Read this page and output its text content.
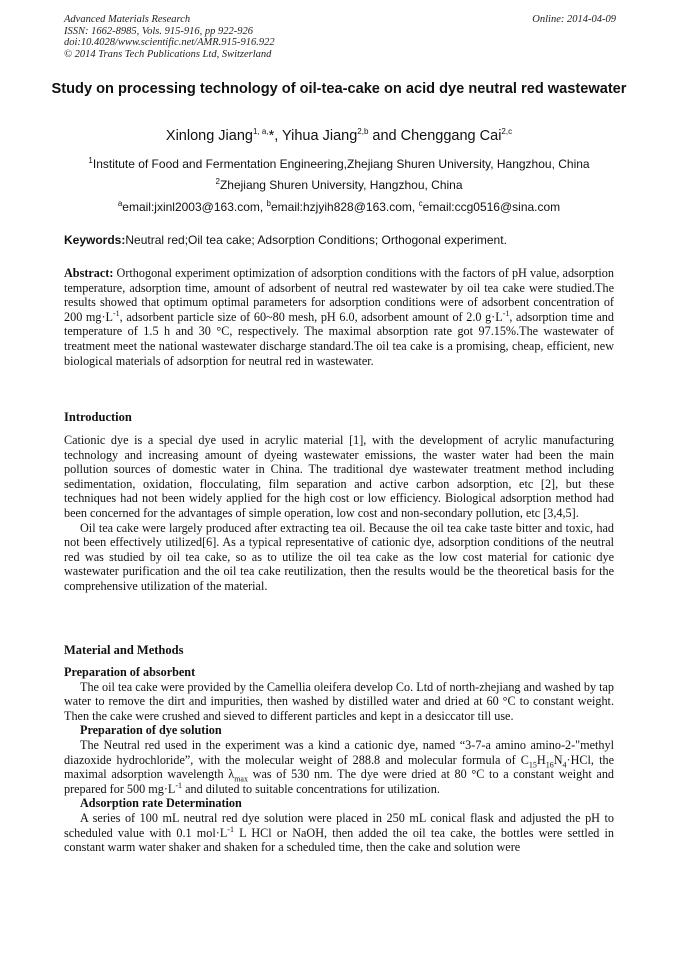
Advanced Materials Research
ISSN: 1662-8985, Vols. 915-916, pp 922-926
doi:10.4028/www.scientific.net/AMR.915-916.922
© 2014 Trans Tech Publications Ltd, Switzerland
Online: 2014-04-09
Study on processing technology of oil-tea-cake on acid dye neutral red wastewater
Xinlong Jiang$^{1, a,}$*, Yihua Jiang$^{2,b}$ and Chenggang Cai$^{2,c}$
$^1$Institute of Food and Fermentation Engineering,Zhejiang Shuren University, Hangzhou, China
$^2$Zhejiang Shuren University, Hangzhou, China
$^a$email:jxinl2003@163.com, $^b$email:hzjyih828@163.com, $^c$email:ccg0516@sina.com
Keywords:Neutral red;Oil tea cake; Adsorption Conditions; Orthogonal experiment.

Abstract: Orthogonal experiment optimization of adsorption conditions with the factors of pH value, adsorption temperature, adsorption time, amount of adsorbent of neutral red wastewater by oil tea cake were studied.The results showed that optimum optimal parameters for adsorption conditions were of adsorbent concentration of 200 $mg\cdot L^{-1}$, adsorbent particle size of 60~80 mesh, pH 6.0, adsorbent amount of 2.0 $g\cdot L^{-1}$, adsorption time and temperature of 1.5 h and 30 °C, respectively. The maximal absorption rate got 97.15%.The wastewater of treatment meet the national wastewater discharge standard.The oil tea cake is a promising, cheap, efficient, new biological materials of adsorption for neutral red in wastewater.

Introduction

Cationic dye is a special dye used in acrylic material [1], with the development of acrylic manufacturing technology and increasing amount of dyeing wastewater emissions, the waster water had been the main pollution sources of domestic water in China. The traditional dye wastewater treatment method including sedimentation, oxidation, flocculating, film separation and active carbon adsorption, etc [2], but these techniques had not been widely applied for the high cost or low efficiency. Biological adsorption method had been concerned for the advantages of simple operation, low cost and non-secondary pollution, etc [3,4,5].

Oil tea cake were largely produced after extracting tea oil. Because the oil tea cake taste bitter and toxic, had not been effectively utilized[6]. As a typical representative of cationic dye, adsorption conditions of the neutral red was studied by oil tea cake, so as to utilize the oil tea cake as the low cost material for cationic dye wastewater purification and the oil tea cake reutilization, then the results would be the theoretical basis for the comprehensive utilization of the material.

Material and Methods

Preparation of absorbent

The oil tea cake were provided by the Camellia oleifera develop Co. Ltd of north-zhejiang and washed by tap water to remove the dirt and impurities, then washed by distilled water and dried at 60 °C to constant weight. Then the cake were crushed and sieved to different particles and kept in a desiccator till use.

Preparation of dye solution

The Neutral red used in the experiment was a kind a cationic dye, named “3-7-a amino amino-2-"methyl diazoxide hydrochloride”, with the molecular weight of 288.8 and molecular formula of $C_{15}H_{16}N_4\cdot HCl$, the maximal adsorption wavelength $\lambda_{max}$ was of 530 nm. The dye were dried at 80 °C to a constant weight and prepared for 500 $mg\cdot L^{-1}$ and diluted to suitable concentrations for utilization.

Adsorption rate Determination

A series of 100 mL neutral red dye solution were placed in 250 mL conical flask and adjusted the pH to scheduled value with 0.1 $mol\cdot L^{-1}$ L HCl or NaOH, then added the oil tea cake, the bottles were settled in constant warm water shaker and shaken for a scheduled time, then the cake and solution were
